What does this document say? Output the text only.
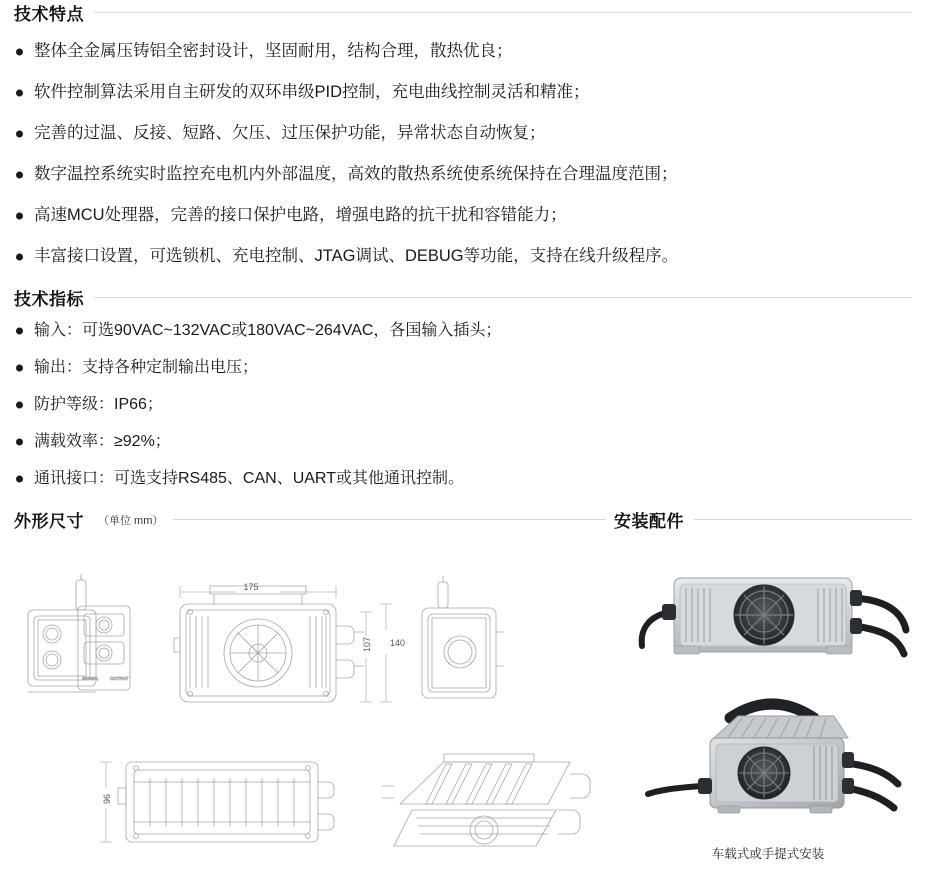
技术特点
整体全金属压铸铝全密封设计，坚固耐用，结构合理，散热优良；
软件控制算法采用自主研发的双环串级PID控制，充电曲线控制灵活和精准；
完善的过温、反接、短路、欠压、过压保护功能，异常状态自动恢复；
数字温控系统实时监控充电机内外部温度，高效的散热系统使系统保持在合理温度范围；
高速MCU处理器，完善的接口保护电路，增强电路的抗干扰和容错能力；
丰富接口设置，可选锁机、充电控制、JTAG调试、DEBUG等功能，支持在线升级程序。
技术指标
输入：可选90VAC~132VAC或180VAC~264VAC，各国输入插头；
输出：支持各种定制输出电压；
防护等级：IP66；
满载效率：≥92%；
通讯接口：可选支持RS485、CAN、UART或其他通讯控制。
外形尺寸 （单位 mm）	安装配件
SIGNAL	OUTPUT
175
140
107
96
车载式或手提式安装
